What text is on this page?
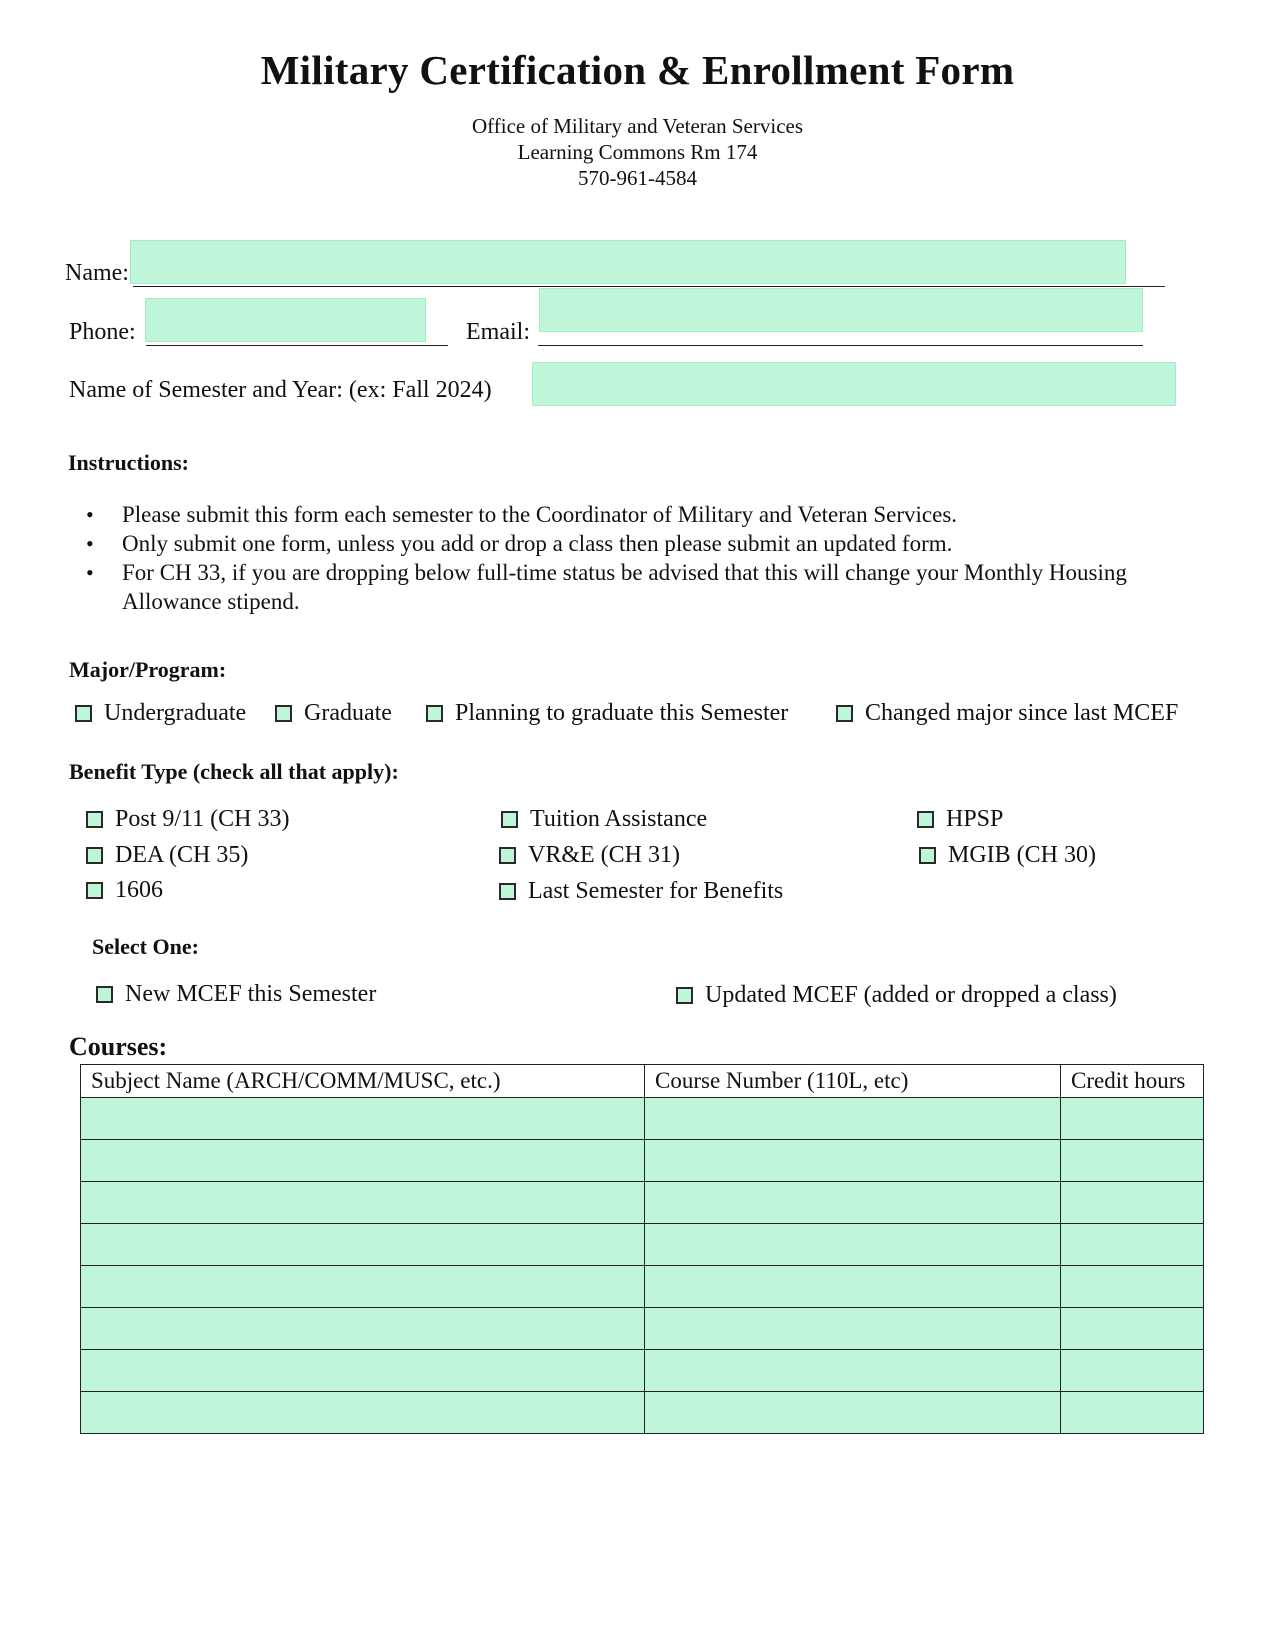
Military Certification & Enrollment Form
Office of Military and Veteran Services
Learning Commons Rm 174
570-961-4584
Name:
Phone:	Email:
Name of Semester and Year: (ex: Fall 2024)
Instructions:
• Please submit this form each semester to the Coordinator of Military and Veteran Services.
• Only submit one form, unless you add or drop a class then please submit an updated form.
• For CH 33, if you are dropping below full-time status be advised that this will change your Monthly Housing Allowance stipend.
Major/Program:
Undergraduate Graduate	Planning to graduate this Semester	Changed major since last MCEF
Benefit Type (check all that apply):
Post 9/11 (CH 33)
DEA (CH 35)
1606
Tuition Assistance
VR&E (CH 31)
Last Semester for Benefits
HPSP
MGIB (CH 30)
Select One:
New MCEF this Semester	Updated MCEF (added or dropped a class)
Courses:
Subject Name (ARCH/COMM/MUSC, etc.)	Course Number (110L, etc)	Credit hours
